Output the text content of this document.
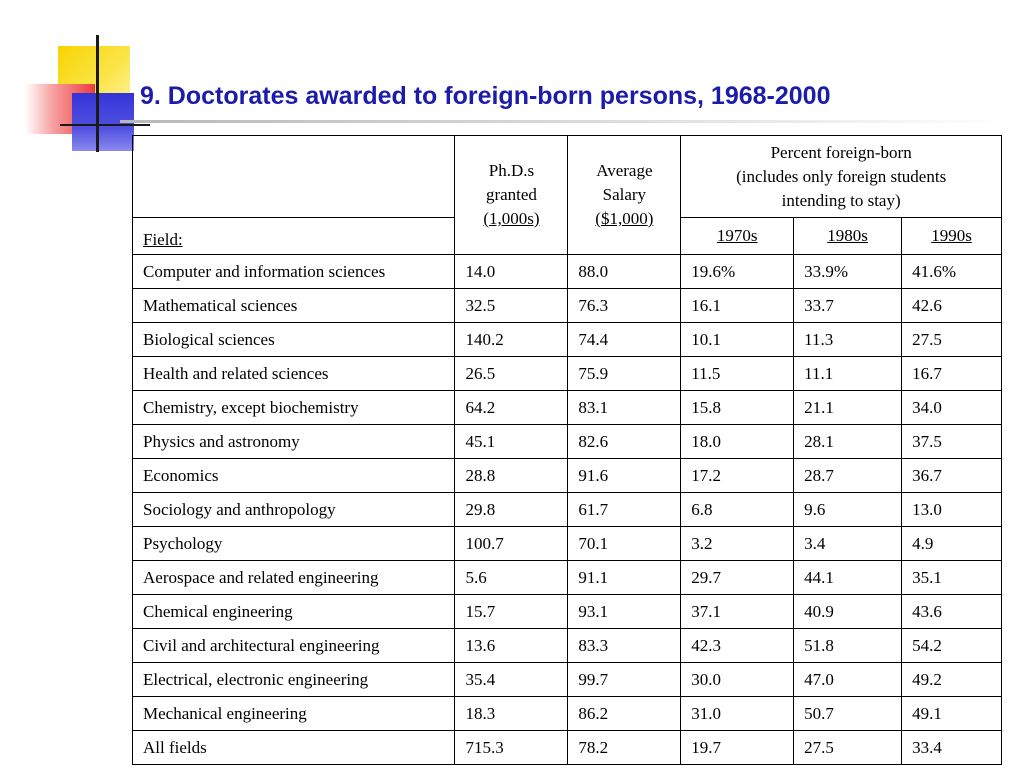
9. Doctorates awarded to foreign-born persons, 1968-2000

	Ph.D.s
granted
(1,000s)	Average
Salary
($1,000)	Percent foreign-born
(includes only foreign students
intending to stay)		

Field:			1970s	1980s	1990s
Computer and information sciences	14.0	88.0	19.6%	33.9%	41.6%
Mathematical sciences	32.5	76.3	16.1	33.7	42.6
Biological sciences	140.2	74.4	10.1	11.3	27.5
Health and related sciences	26.5	75.9	11.5	11.1	16.7
Chemistry, except biochemistry	64.2	83.1	15.8	21.1	34.0
Physics and astronomy	45.1	82.6	18.0	28.1	37.5
Economics	28.8	91.6	17.2	28.7	36.7
Sociology and anthropology	29.8	61.7	6.8	9.6	13.0
Psychology	100.7	70.1	3.2	3.4	4.9
Aerospace and related engineering	5.6	91.1	29.7	44.1	35.1
Chemical engineering	15.7	93.1	37.1	40.9	43.6
Civil and architectural engineering	13.6	83.3	42.3	51.8	54.2
Electrical, electronic engineering	35.4	99.7	30.0	47.0	49.2
Mechanical engineering	18.3	86.2	31.0	50.7	49.1
All fields	715.3	78.2	19.7	27.5	33.4
